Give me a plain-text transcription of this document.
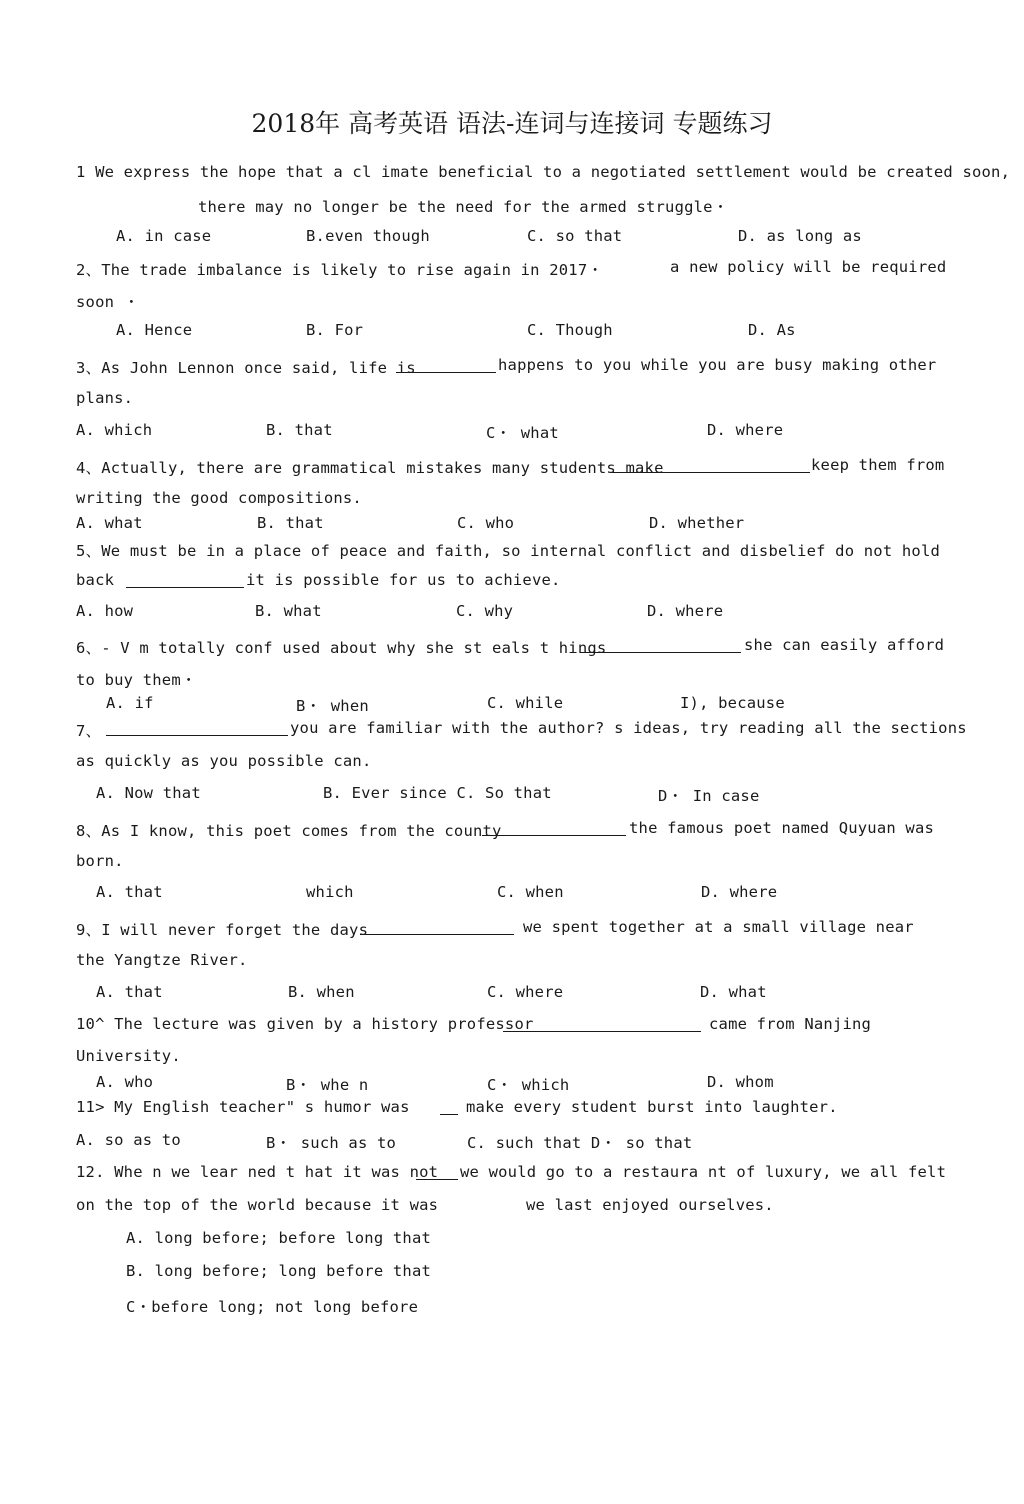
2018年 高考英语 语法-连词与连接词 专题练习
1 We express the hope that a cl imate beneficial to a negotiated settlement would be created soon,
there may no longer be the need for the armed struggle・
A. in case	B.even though	C. so that	D. as long as
2、The trade imbalance is likely to rise again in 2017・	a new policy will be required
soon ・
A. Hence	B. For	C. Though	D. As
3、As John Lennon once said, life is	happens to you while you are busy making other
plans.
A. which	B. that	C・ what	D. where
4、Actually, there are grammatical mistakes many students make	keep them from
writing the good compositions.
A. what	B. that	C. who	D. whether
5、We must be in a place of peace and faith, so internal conflict and disbelief do not hold
back	it is possible for us to achieve.
A. how	B. what	C. why	D. where
6、- V m totally conf used about why she st eals t hings	she can easily afford
to buy them・
A. if	B・ when	C. while	I), because
7、	you are familiar with the author? s ideas, try reading all the sections
as quickly as you possible can.
A. Now that	B. Ever since C. So that	D・ In case
8、As I know, this poet comes from the county	the famous poet named Quyuan was
born.
A. that	which	C. when	D. where
9、I will never forget the days	we spent together at a small village near
the Yangtze River.
A. that	B. when	C. where	D. what
10^ The lecture was given by a history professor	came from Nanjing
University.
A. who	B・ whe n	C・ which	D. whom
11> My English teacher" s humor was	make every student burst into laughter.
A. so as to	B・ such as to	C. such that D・ so that
12. Whe n we lear ned t hat it was not we would go to a restaura nt of luxury, we all felt
on the top of the world because it was	we last enjoyed ourselves.
A. long before; before long that
B. long before; long before that
C・before long; not long before
